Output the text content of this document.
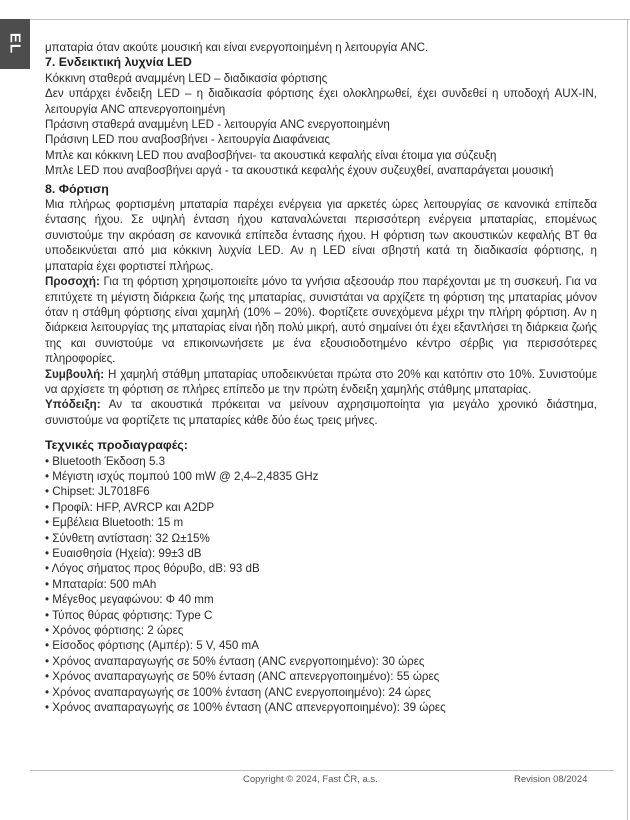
EL μπαταρία όταν ακούτε μουσική και είναι ενεργοποιημένη η λειτουργία ANC.

7. Ενδεικτική λυχνία LED

Κόκκινη σταθερά αναμμένη LED – διαδικασία φόρτισης

Δεν υπάρχει ένδειξη LED – η διαδικασία φόρτισης έχει ολοκληρωθεί, έχει συνδεθεί η υποδοχή AUX-IN, λειτουργία ANC απενεργοποιημένη

Πράσινη σταθερά αναμμένη LED - λειτουργία ANC ενεργοποιημένη

Πράσινη LED που αναβοσβήνει - λειτουργία Διαφάνειας

Μπλε και κόκκινη LED που αναβοσβήνει- τα ακουστικά κεφαλής είναι έτοιμα για σύζευξη

Μπλε LED που αναβοσβήνει αργά - τα ακουστικά κεφαλής έχουν συζευχθεί, αναπαράγεται μουσική

8. Φόρτιση

Μια πλήρως φορτισμένη μπαταρία παρέχει ενέργεια για αρκετές ώρες λειτουργίας σε κανονικά επίπεδα έντασης ήχου. Σε υψηλή ένταση ήχου καταναλώνεται περισσότερη ενέργεια μπαταρίας, επομένως συνιστούμε την ακρόαση σε κανονικά επίπεδα έντασης ήχου. Η φόρτιση των ακουστικών κεφαλής ΒΤ θα υποδεικνύεται από μια κόκκινη λυχνία LED. Αν η LED είναι σβηστή κατά τη διαδικασία φόρτισης, η μπαταρία έχει φορτιστεί πλήρως.

Προσοχή: Για τη φόρτιση χρησιμοποιείτε μόνο τα γνήσια αξεσουάρ που παρέχονται με τη συσκευή. Για να επιτύχετε τη μέγιστη διάρκεια ζωής της μπαταρίας, συνιστάται να αρχίζετε τη φόρτιση της μπαταρίας μόνον όταν η στάθμη φόρτισης είναι χαμηλή (10% – 20%). Φορτίζετε συνεχόμενα μέχρι την πλήρη φόρτιση. Αν η διάρκεια λειτουργίας της μπαταρίας είναι ήδη πολύ μικρή, αυτό σημαίνει ότι έχει εξαντλήσει τη διάρκεια ζωής της και συνιστούμε να επικοινωνήσετε με ένα εξουσιοδοτημένο κέντρο σέρβις για περισσότερες πληροφορίες.

Συμβουλή: Η χαμηλή στάθμη μπαταρίας υποδεικνύεται πρώτα στο 20% και κατόπιν στο 10%. Συνιστούμε να αρχίσετε τη φόρτιση σε πλήρες επίπεδο με την πρώτη ένδειξη χαμηλής στάθμης μπαταρίας.

Υπόδειξη: Αν τα ακουστικά πρόκειται να μείνουν αχρησιμοποίητα για μεγάλο χρονικό διάστημα, συνιστούμε να φορτίζετε τις μπαταρίες κάθε δύο έως τρεις μήνες.

Τεχνικές προδιαγραφές:

• Bluetooth Έκδοση 5.3
• Μέγιστη ισχύς πομπού 100 mW @ 2,4–2,4835 GHz
• Chipset: JL7018F6
• Προφίλ: HFP, AVRCP και A2DP
• Εμβέλεια Bluetooth: 15 m
• Σύνθετη αντίσταση: 32 Ω±15%
• Ευαισθησία (Ηχεία): 99±3 dB
• Λόγος σήματος προς θόρυβο, dB: 93 dB
• Μπαταρία: 500 mAh
• Μέγεθος μεγαφώνου: Φ 40 mm
• Τύπος θύρας φόρτισης: Type C
• Χρόνος φόρτισης: 2 ώρες
• Είσοδος φόρτισης (Αμπέρ): 5 V, 450 mA
• Χρόνος αναπαραγωγής σε 50% ένταση (ANC ενεργοποιημένο): 30 ώρες
• Χρόνος αναπαραγωγής σε 50% ένταση (ANC απενεργοποιημένο): 55 ώρες
• Χρόνος αναπαραγωγής σε 100% ένταση (ANC ενεργοποιημένο): 24 ώρες
• Χρόνος αναπαραγωγής σε 100% ένταση (ANC απενεργοποιημένο): 39 ώρες
Copyright © 2024, Fast ČR, a.s.	Revision 08/2024
